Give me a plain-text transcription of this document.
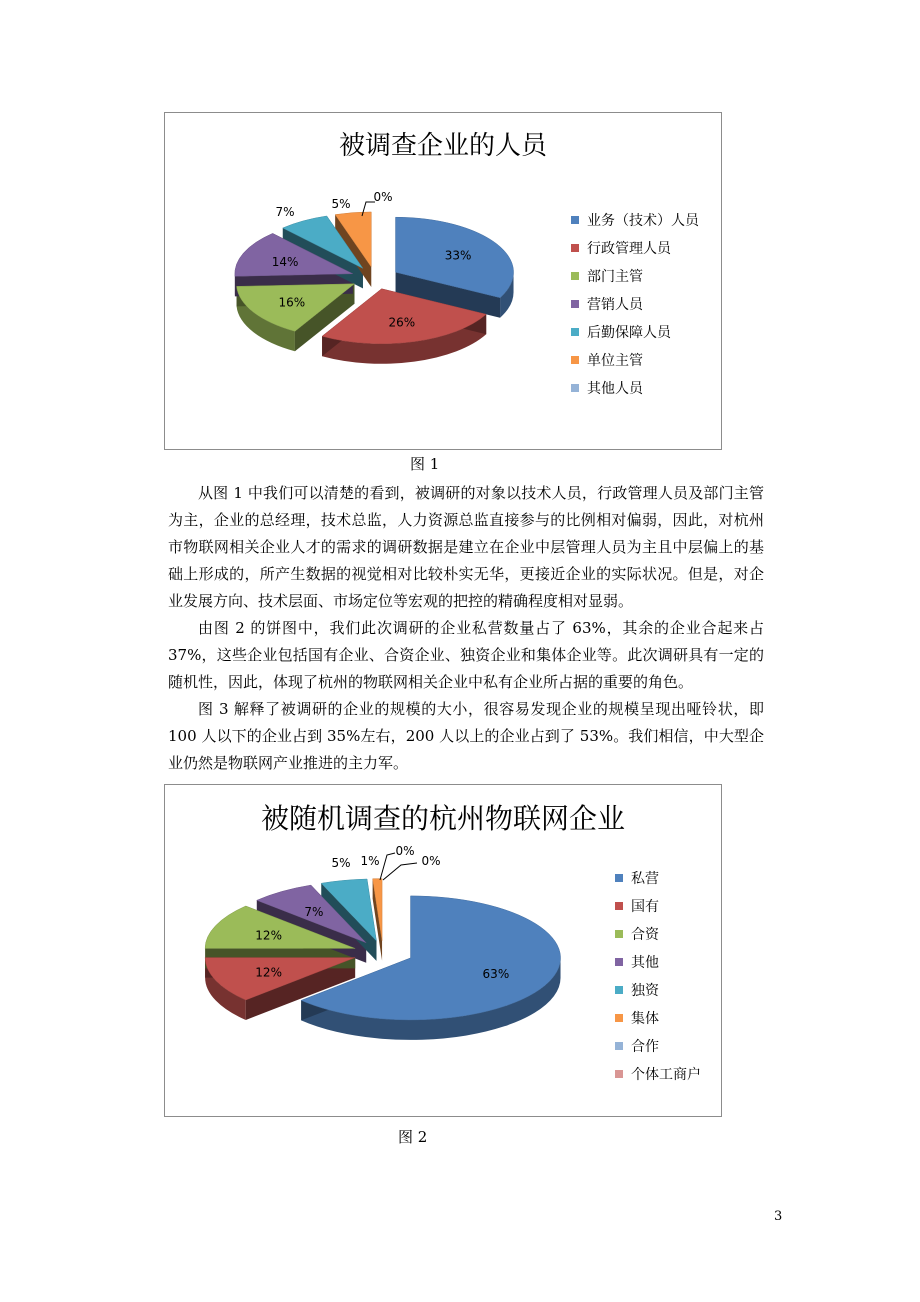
被调查企业的人员
33%
26%
16%
14%
7%
5% 0%
业务（技术）人员
行政管理人员
部门主管
营销人员
后勤保障人员
单位主管
其他人员
图 1

从图 1 中我们可以清楚的看到，被调研的对象以技术人员，行政管理人员及部门主管为主，企业的总经理，技术总监，人力资源总监直接参与的比例相对偏弱，因此，对杭州市物联网相关企业人才的需求的调研数据是建立在企业中层管理人员为主且中层偏上的基础上形成的，所产生数据的视觉相对比较朴实无华，更接近企业的实际状况。但是，对企业发展方向、技术层面、市场定位等宏观的把控的精确程度相对显弱。

由图 2 的饼图中，我们此次调研的企业私营数量占了 63%，其余的企业合起来占 37%，这些企业包括国有企业、合资企业、独资企业和集体企业等。此次调研具有一定的随机性，因此，体现了杭州的物联网相关企业中私有企业所占据的重要的角色。

图 3 解释了被调研的企业的规模的大小，很容易发现企业的规模呈现出哑铃状，即 100 人以下的企业占到 35%左右，200 人以上的企业占到了 53%。我们相信，中大型企业仍然是物联网产业推进的主力军。

被随机调查的杭州物联网企业
63%
12%
12%
7%
5% 1%
0%
0%
私营
国有
合资
其他
独资
集体
合作
个体工商户
图 2
3
